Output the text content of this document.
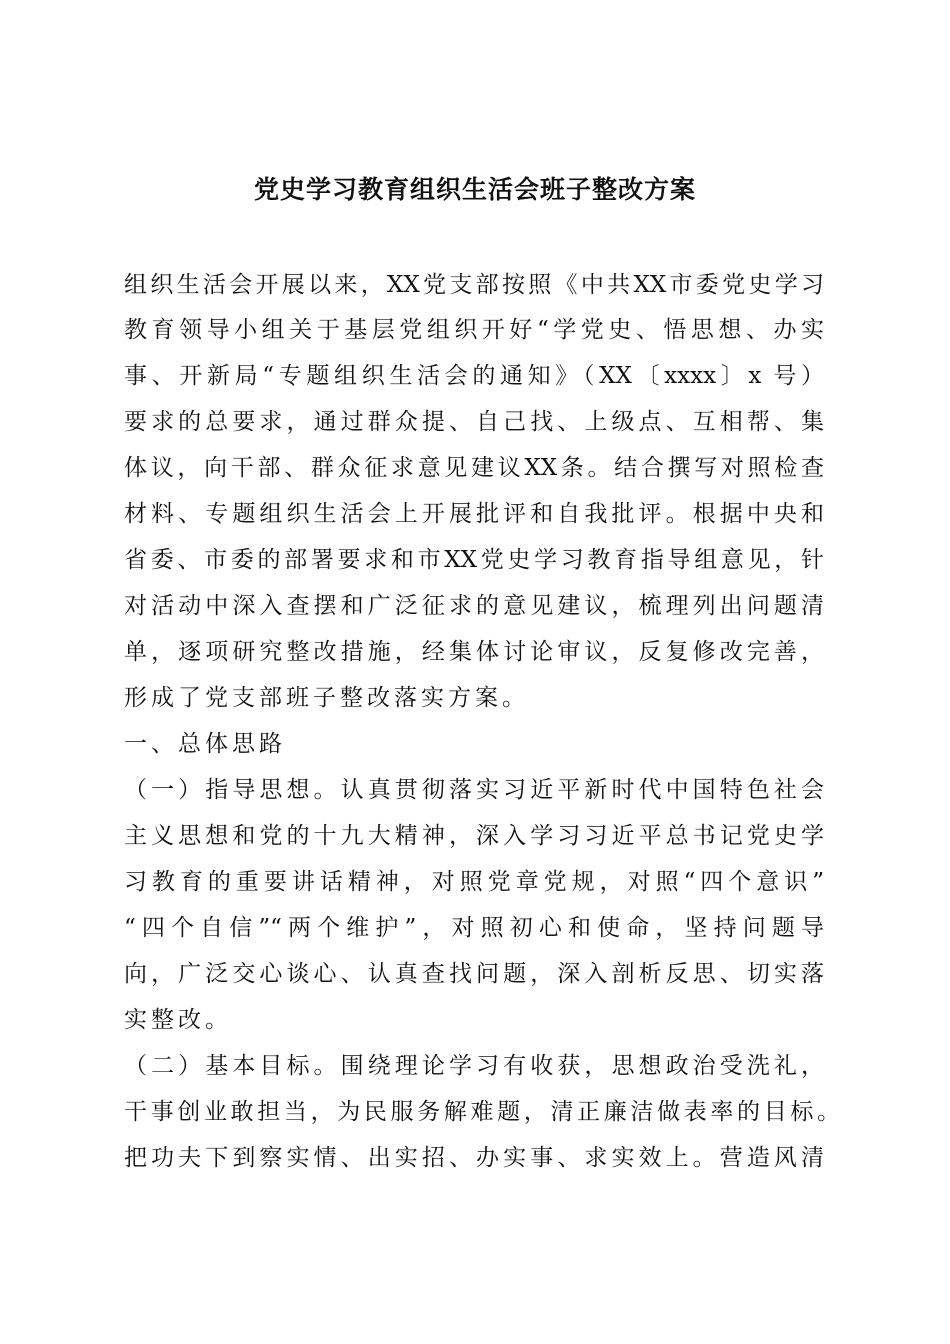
党史学习教育组织生活会班子整改方案

组织生活会开展以来，XX党支部按照《中共XX市委党史学习

教育领导小组关于基层党组织开好“学党史、悟思想、办实

事、开新局“专题组织生活会的通知》（XX〔xxxx〕x 号）

要求的总要求，通过群众提、自己找、上级点、互相帮、集

体议，向干部、群众征求意见建议XX条。结合撰写对照检查

材料、专题组织生活会上开展批评和自我批评。根据中央和

省委、市委的部署要求和市XX党史学习教育指导组意见，针

对活动中深入查摆和广泛征求的意见建议，梳理列出问题清

单，逐项研究整改措施，经集体讨论审议，反复修改完善，

形成了党支部班子整改落实方案。

一、总体思路

（一）指导思想。认真贯彻落实习近平新时代中国特色社会

主义思想和党的十九大精神，深入学习习近平总书记党史学

习教育的重要讲话精神，对照党章党规，对照“四个意识”

“四个自信”“两个维护”，对照初心和使命，坚持问题导

向，广泛交心谈心、认真查找问题，深入剖析反思、切实落

实整改。

（二）基本目标。围绕理论学习有收获，思想政治受洗礼，

干事创业敢担当，为民服务解难题，清正廉洁做表率的目标。

把功夫下到察实情、出实招、办实事、求实效上。营造风清
